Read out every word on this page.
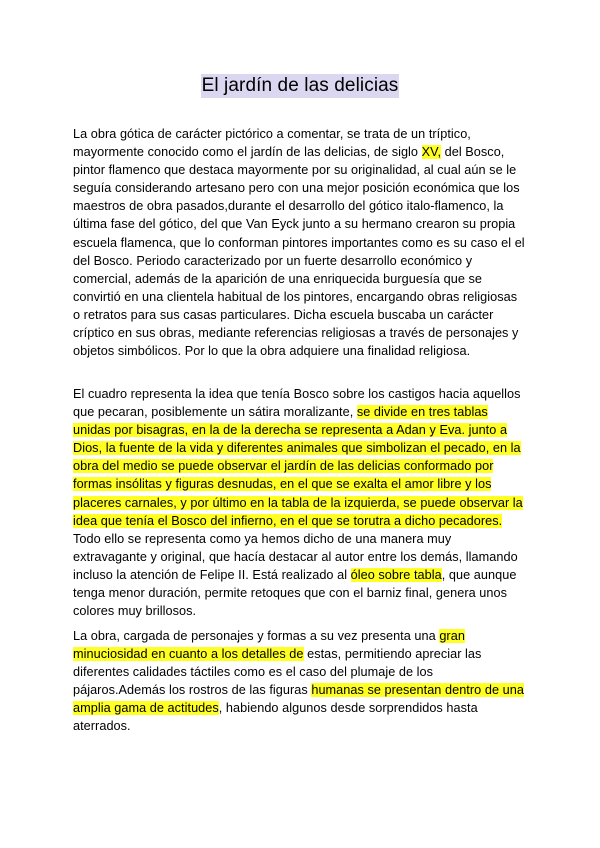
El jardín de las delicias
La obra gótica de carácter pictórico a comentar, se trata de un tríptico, mayormente conocido como el jardín de las delicias, de siglo XV, del Bosco, pintor flamenco que destaca mayormente por su originalidad, al cual aún se le seguía considerando artesano pero con una mejor posición económica que los maestros de obra pasados,durante el desarrollo del gótico italo-flamenco, la última fase del gótico, del que Van Eyck junto a su hermano crearon su propia escuela flamenca, que lo conforman pintores importantes como es su caso el el del Bosco. Periodo caracterizado por un fuerte desarrollo económico y comercial, además de la aparición de una enriquecida burguesía que se convirtió en una clientela habitual de los pintores, encargando obras religiosas o retratos para sus casas particulares. Dicha escuela buscaba un carácter críptico en sus obras, mediante referencias religiosas a través de personajes y objetos simbólicos. Por lo que la obra adquiere una finalidad religiosa.
El cuadro representa la idea que tenía Bosco sobre los castigos hacia aquellos que pecaran, posiblemente un sátira moralizante, se divide en tres tablas unidas por bisagras, en la de la derecha se representa a Adan y Eva. junto a Dios, la fuente de la vida y diferentes animales que simbolizan el pecado, en la obra del medio se puede observar el jardín de las delicias conformado por formas insólitas y figuras desnudas, en el que se exalta el amor libre y los placeres carnales, y por último en la tabla de la izquierda, se puede observar la idea que tenía el Bosco del infierno, en el que se torutra a dicho pecadores. Todo ello se representa como ya hemos dicho de una manera muy extravagante y original, que hacía destacar al autor entre los demás, llamando incluso la atención de Felipe II. Está realizado al óleo sobre tabla, que aunque tenga menor duración, permite retoques que con el barniz final, genera unos colores muy brillosos.
La obra, cargada de personajes y formas a su vez presenta una gran minuciosidad en cuanto a los detalles de estas, permitiendo apreciar las diferentes calidades táctiles como es el caso del plumaje de los pájaros.Además los rostros de las figuras humanas se presentan dentro de una amplia gama de actitudes, habiendo algunos desde sorprendidos hasta aterrados.
